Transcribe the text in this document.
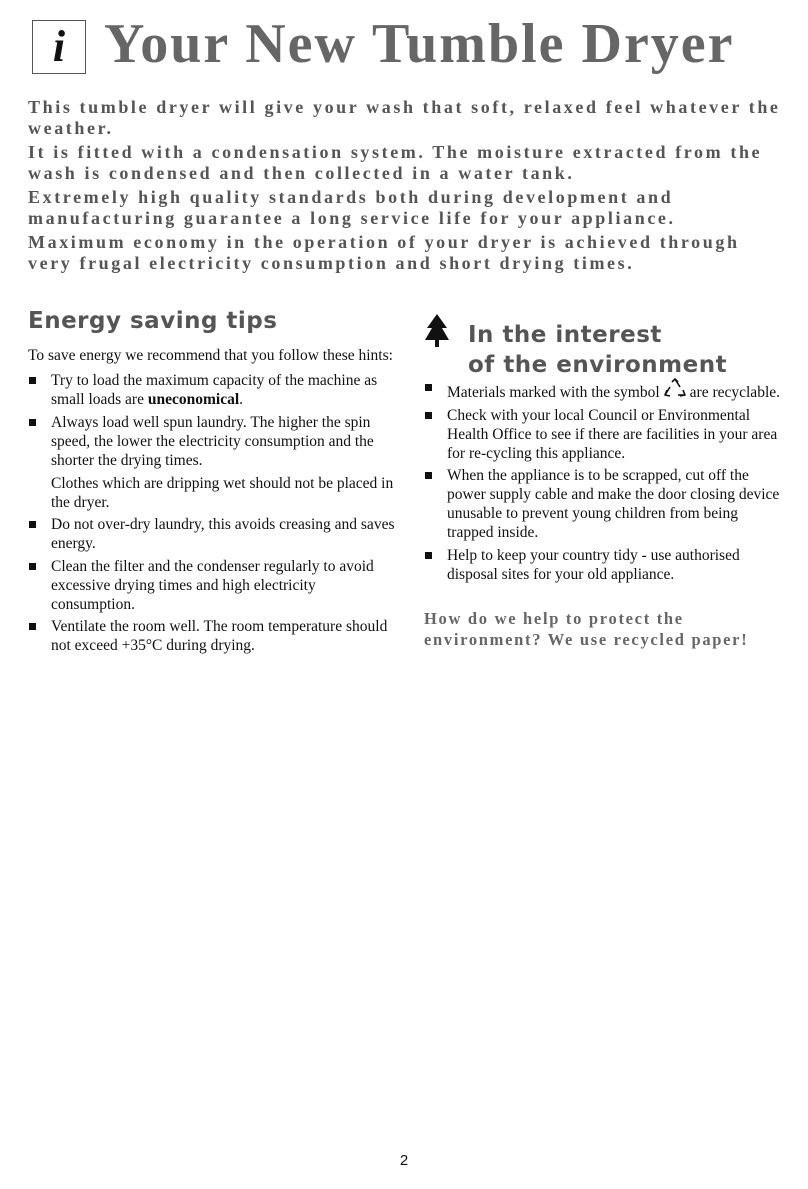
i Your New Tumble Dryer

This tumble dryer will give your wash that soft, relaxed feel whatever the weather.

It is fitted with a condensation system. The moisture extracted from the wash is condensed and then collected in a water tank.

Extremely high quality standards both during development and manufacturing guarantee a long service life for your appliance.

Maximum economy in the operation of your dryer is achieved through very frugal electricity consumption and short drying times.

Energy saving tips

To save energy we recommend that you follow these hints:

Try to load the maximum capacity of the machine as small loads are uneconomical.

Always load well spun laundry. The higher the spin speed, the lower the electricity consumption and the shorter the drying times.

Clothes which are dripping wet should not be placed in the dryer.

Do not over-dry laundry, this avoids creasing and saves energy.

Clean the filter and the condenser regularly to avoid excessive drying times and high electricity consumption.

Ventilate the room well. The room temperature should not exceed +35°C during drying.

In the interest
of the environment

Materials marked with the symbol are recyclable.

Check with your local Council or Environmental Health Office to see if there are facilities in your area for re-cycling this appliance.

When the appliance is to be scrapped, cut off the power supply cable and make the door closing device unusable to prevent young children from being trapped inside.

Help to keep your country tidy - use authorised disposal sites for your old appliance.

How do we help to protect the
environment? We use recycled paper!
2
